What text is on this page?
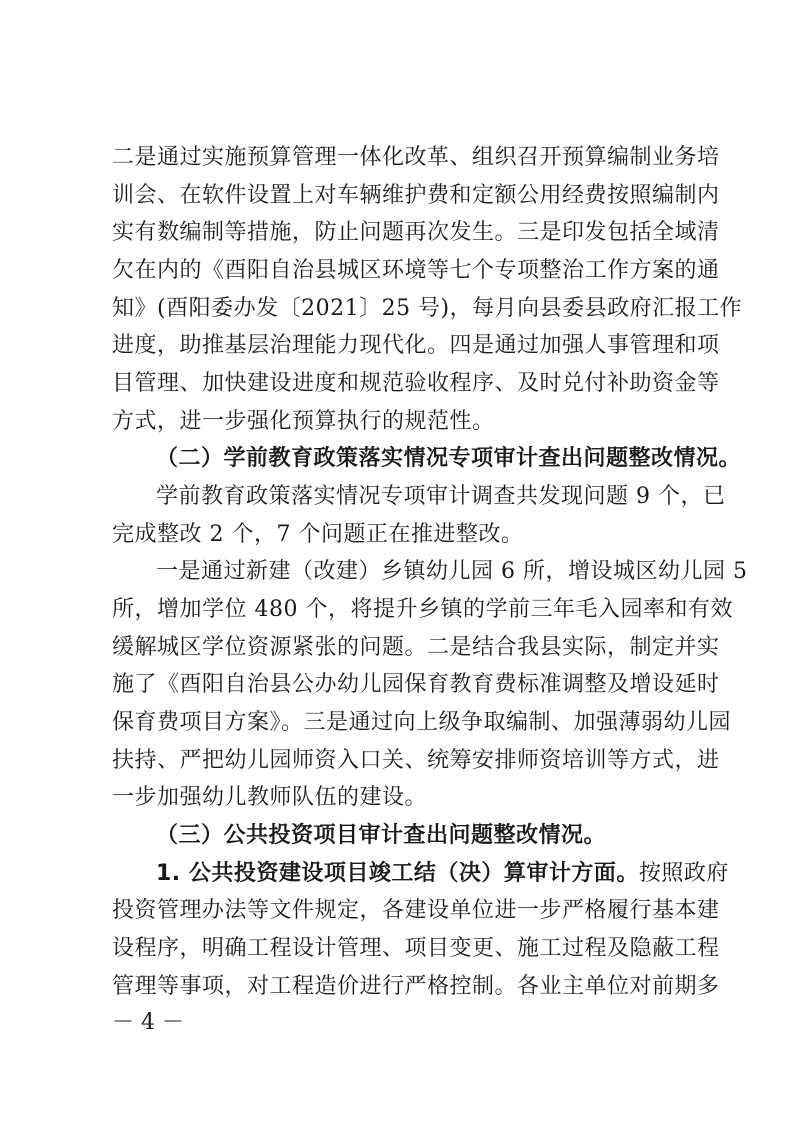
二是通过实施预算管理一体化改革、组织召开预算编制业务培
训会、在软件设置上对车辆维护费和定额公用经费按照编制内
实有数编制等措施，防止问题再次发生。三是印发包括全域清
欠在内的《酉阳自治县城区环境等七个专项整治工作方案的通
知》(酉阳委办发〔2021〕25 号)，每月向县委县政府汇报工作
进度，助推基层治理能力现代化。四是通过加强人事管理和项
目管理、加快建设进度和规范验收程序、及时兑付补助资金等
方式，进一步强化预算执行的规范性。
（二）学前教育政策落实情况专项审计查出问题整改情况。
学前教育政策落实情况专项审计调查共发现问题 9 个，已
完成整改 2 个，7 个问题正在推进整改。
一是通过新建（改建）乡镇幼儿园 6 所，增设城区幼儿园 5
所，增加学位 480 个，将提升乡镇的学前三年毛入园率和有效
缓解城区学位资源紧张的问题。二是结合我县实际，制定并实
施了《酉阳自治县公办幼儿园保育教育费标准调整及增设延时
保育费项目方案》。三是通过向上级争取编制、加强薄弱幼儿园
扶持、严把幼儿园师资入口关、统筹安排师资培训等方式，进
一步加强幼儿教师队伍的建设。
（三）公共投资项目审计查出问题整改情况。
1. 公共投资建设项目竣工结（决）算审计方面。按照政府
投资管理办法等文件规定，各建设单位进一步严格履行基本建
设程序，明确工程设计管理、项目变更、施工过程及隐蔽工程
管理等事项，对工程造价进行严格控制。各业主单位对前期多
－ 4 －
